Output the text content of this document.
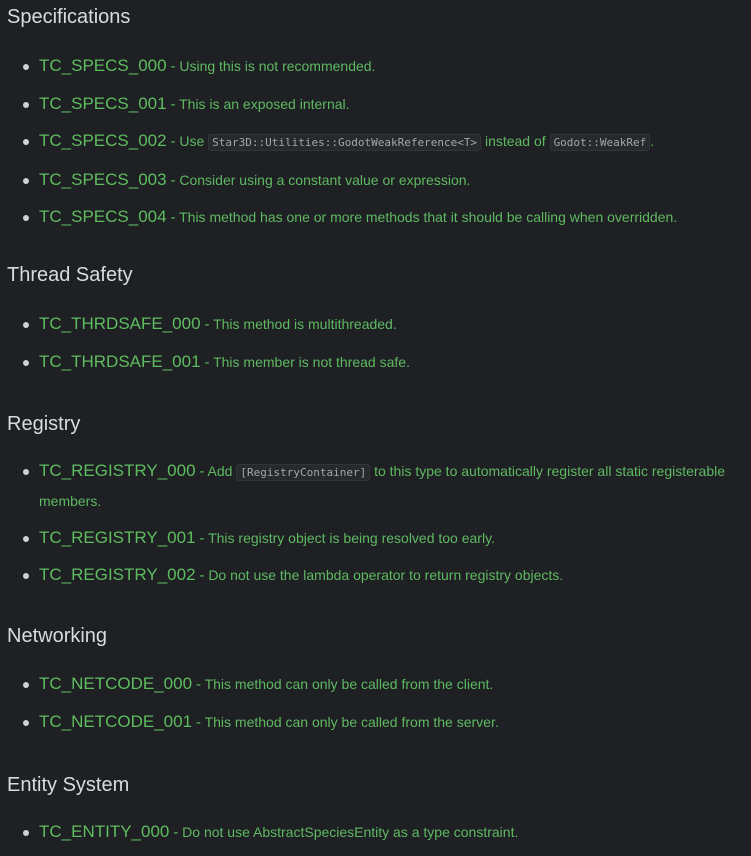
Specifications
TC_SPECS_000 - Using this is not recommended.
TC_SPECS_001 - This is an exposed internal.
TC_SPECS_002 - Use Star3D::Utilities::GodotWeakReference<T> instead of Godot::WeakRef .
TC_SPECS_003 - Consider using a constant value or expression.
TC_SPECS_004 - This method has one or more methods that it should be calling when overridden.
Thread Safety
TC_THRDSAFE_000 - This method is multithreaded.
TC_THRDSAFE_001 - This member is not thread safe.
Registry
TC_REGISTRY_000 - Add [RegistryContainer] to this type to automatically register all static registerable members.
TC_REGISTRY_001 - This registry object is being resolved too early.
TC_REGISTRY_002 - Do not use the lambda operator to return registry objects.
Networking
TC_NETCODE_000 - This method can only be called from the client.
TC_NETCODE_001 - This method can only be called from the server.
Entity System
TC_ENTITY_000 - Do not use AbstractSpeciesEntity as a type constraint.
